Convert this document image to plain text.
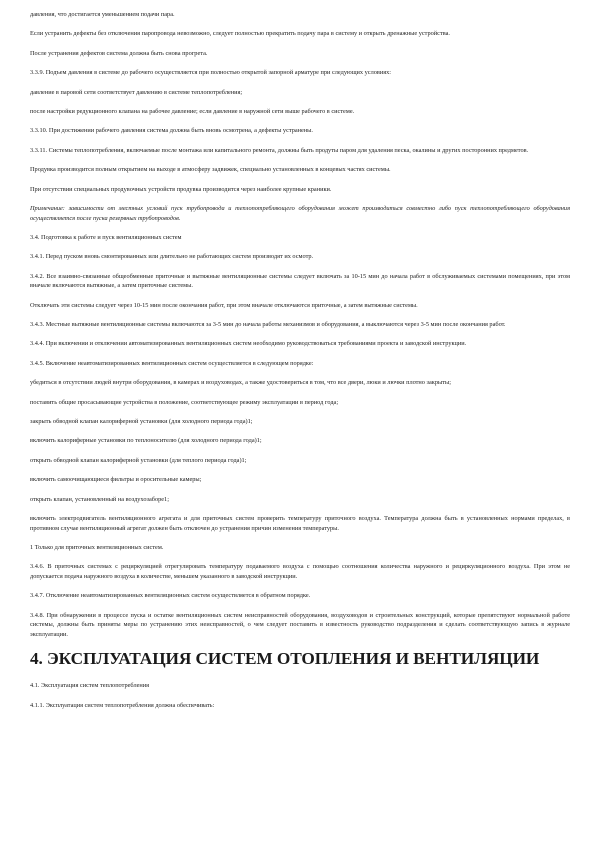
давления, что достигается уменьшением подачи пара.

Если устранить дефекты без отключения паропровода невозможно, следует полностью прекратить подачу пара в систему и открыть дренажные устройства.

После устранения дефектов система должна быть снова прогрета.

3.3.9. Подъем давления в системе до рабочего осуществляется при полностью открытой запорной арматуре при следующих условиях:

давление в паровой сети соответствует давлению в системе теплопотребления;

после настройки редукционного клапана на рабочее давление; если давление в наружной сети выше рабочего в системе.

3.3.10. При достижении рабочего давления система должна быть вновь осмотрена, а дефекты устранены.

3.3.11. Системы теплопотребления, включаемые после монтажа или капитального ремонта, должны быть продуты паром для удаления песка, окалины и других посторонних предметов.

Продувка производится полным открытием на выходе в атмосферу задвижек, специально установленных в концевых частях системы.

При отсутствии специальных продувочных устройств продувка производится через наиболее крупные краники.

Примечание: зависимости от местных условий пуск трубопровода и теплопотребляющего оборудования может производиться совместно либо пуск теплопотребляющего оборудования осуществляется после пуска резервных трубопроводов.

3.4. Подготовка к работе и пуск вентиляционных систем

3.4.1. Перед пуском вновь смонтированных или длительно не работающих систем производят их осмотр.

3.4.2. Все взаимно-связанные общеобменные приточные и вытяжные вентиляционные системы следует включать за 10-15 мин до начала работ в обслуживаемых системами помещениях, при этом вначале включаются вытяжные, а затем приточные системы.

Отключать эти системы следует через 10-15 мин после окончания работ, при этом вначале отключаются приточные, а затем вытяжные системы.

3.4.3. Местные вытяжные вентиляционные системы включаются за 3-5 мин до начала работы механизмов и оборудования, а выключаются через 3-5 мин после окончания работ.

3.4.4. При включении и отключении автоматизированных вентиляционных систем необходимо руководствоваться требованиями проекта и заводской инструкции.

3.4.5. Включение неавтоматизированных вентиляционных систем осуществляется в следующем порядке:

убедиться в отсутствии людей внутри оборудования, в камерах и воздуховодах, а также удостовериться в том, что все двери, люки и лючки плотно закрыты;

поставить общие просасывающие устройства в положение, соответствующее режиму эксплуатации в период года;

закрыть обводной клапан калориферной установки (для холодного периода года)1;

включить калориферные установки по теплоносителю (для холодного периода года)1;

открыть обводной клапан калориферной установки (для теплого периода года)1;

включить самоочищающиеся фильтры и оросительные камеры;

открыть клапан, установленный на воздухозаборе1;

включить электродвигатель вентиляционного агрегата и для приточных систем проверить температуру приточного воздуха. Температура должна быть в установленных нормами пределах, в противном случае вентиляционный агрегат должен быть отключен до устранения причин изменения температуры.

1 Только для приточных вентиляционных систем.

3.4.6. В приточных системах с рециркуляцией отрегулировать температуру подаваемого воздуха с помощью соотношения количества наружного и рециркуляционного воздуха. При этом не допускается подача наружного воздуха в количестве, меньшем указанного в заводской инструкции.

3.4.7. Отключение неавтоматизированных вентиляционных систем осуществляется в обратном порядке.

3.4.8. При обнаружении в процессе пуска и остатке вентиляционных систем неисправностей оборудования, воздуховодов и строительных конструкций, которые препятствуют нормальной работе системы, должны быть приняты меры по устранению этих неисправностей, о чем следует поставить в известность руководство подразделения и сделать соответствующую запись в журнале эксплуатации.

4. ЭКСПЛУАТАЦИЯ СИСТЕМ ОТОПЛЕНИЯ И ВЕНТИЛЯЦИИ

4.1. Эксплуатация систем теплопотребления

4.1.1. Эксплуатация систем теплопотребления должна обеспечивать:
